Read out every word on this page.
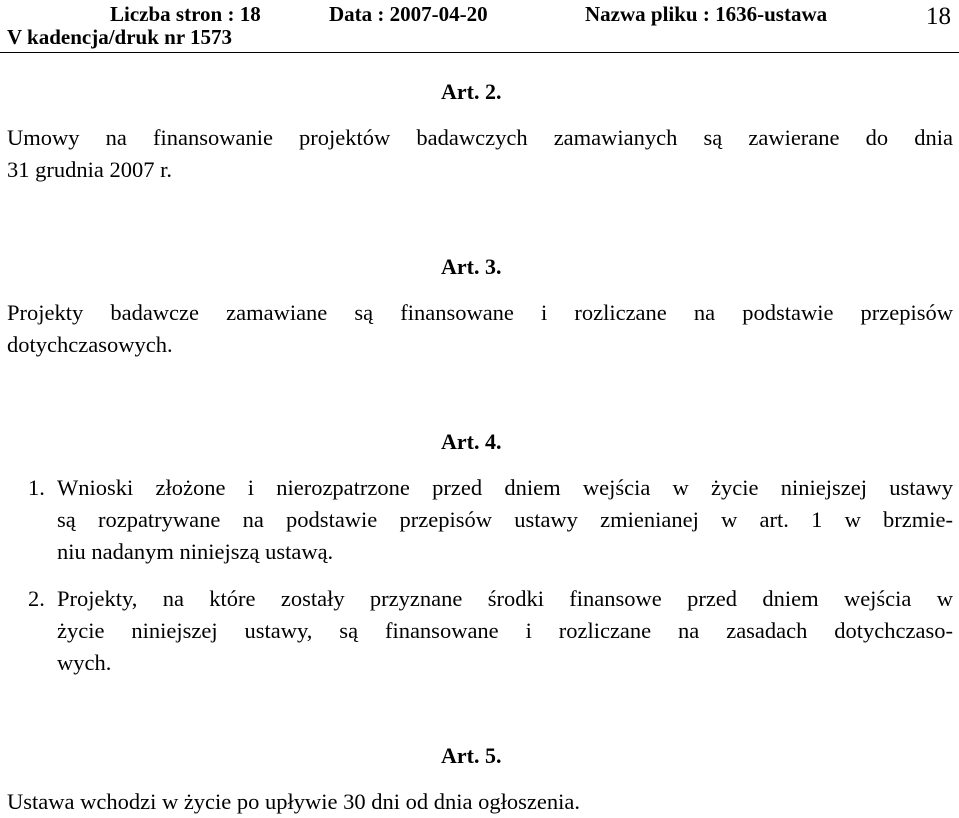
Liczba stron : 18	Data : 2007-04-20	Nazwa pliku : 1636-ustawa	18
V kadencja/druk nr 1573
Art. 2.
Umowy na finansowanie projektów badawczych zamawianych są zawierane do dnia
31 grudnia 2007 r.
Art. 3.
Projekty badawcze zamawiane są finansowane i rozliczane na podstawie przepisów
dotychczasowych.
Art. 4.
1. Wnioski złożone i nierozpatrzone przed dniem wejścia w życie niniejszej ustawy
są rozpatrywane na podstawie przepisów ustawy zmienianej w art. 1 w brzmie-
niu nadanym niniejszą ustawą.
2. Projekty, na które zostały przyznane środki finansowe przed dniem wejścia w
życie niniejszej ustawy, są finansowane i rozliczane na zasadach dotychczaso-
wych.
Art. 5.
Ustawa wchodzi w życie po upływie 30 dni od dnia ogłoszenia.
